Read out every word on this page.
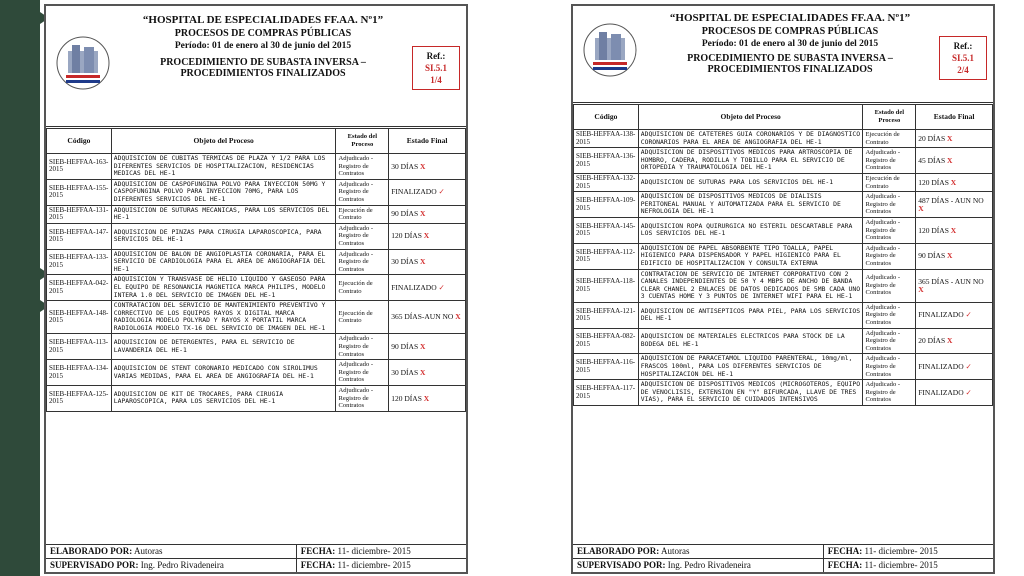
“HOSPITAL DE ESPECIALIDADES FF.AA. Nº1”
PROCESOS DE COMPRAS PÚBLICAS
Período: 01 de enero al 30 de junio del 2015
PROCEDIMIENTO DE SUBASTA INVERSA – PROCEDIMIENTOS FINALIZADOS
Ref.:
SI.5.1
1/4
Código	Objeto del Proceso	Estado del Proceso	Estado Final
SIEB-HEFFAA-163-2015	ADQUISICION DE CUBITAS TERMICAS DE PLAZA Y 1/2 PARA LOS DIFERENTES SERVICIOS DE HOSPITALIZACION, RESIDENCIAS MEDICAS DEL HE-1	Adjudicado - Registro de Contratos	30 DÍAS X
SIEB-HEFFAA-155-2015	ADQUISICION DE CASPOFUNGINA POLVO PARA INYECCION 50MG Y CASPOFUNGINA POLVO PARA INYECCION 70MG, PARA LOS DIFERENTES SERVICIOS DEL HE-1	Adjudicado - Registro de Contratos	FINALIZADO ✓
SIEB-HEFFAA-131-2015	ADQUISICION DE SUTURAS MECANICAS, PARA LOS SERVICIOS DEL HE-1	Ejecución de Contrato	90 DÍAS X
SIEB-HEFFAA-147-2015	ADQUISICION DE PINZAS PARA CIRUGIA LAPAROSCOPICA, PARA SERVICIOS DEL HE-1	Adjudicado - Registro de Contratos	120 DÍAS X
SIEB-HEFFAA-133-2015	ADQUISICION DE BALON DE ANGIOPLASTIA CORONARIA, PARA EL SERVICIO DE CARDIOLOGIA PARA EL AREA DE ANGIOGRAFIA DEL HE-1	Adjudicado - Registro de Contratos	30 DÍAS X
SIEB-HEFFAA-042-2015	ADQUISICION Y TRANSVASE DE HELIO LIQUIDO Y GASEOSO PARA EL EQUIPO DE RESONANCIA MAGNETICA MARCA PHILIPS, MODELO INTERA 1.0 DEL SERVICIO DE IMAGEN DEL HE-1	Ejecución de Contrato	FINALIZADO ✓
SIEB-HEFFAA-148-2015	CONTRATACION DEL SERVICIO DE MANTENIMIENTO PREVENTIVO Y CORRECTIVO DE LOS EQUIPOS RAYOS X DIGITAL MARCA RADIOLOGIA MODELO POLYRAD Y RAYOS X PORTATIL MARCA RADIOLOGIA MODELO TX-16 DEL SERVICIO DE IMAGEN DEL HE-1	Ejecución de Contrato	365 DÍAS-AUN NO X
SIEB-HEFFAA-113-2015	ADQUISICION DE DETERGENTES, PARA EL SERVICIO DE LAVANDERIA DEL HE-1	Adjudicado - Registro de Contratos	90 DÍAS X
SIEB-HEFFAA-134-2015	ADQUISICION DE STENT CORONARIO MEDICADO CON SIROLIMUS VARIAS MEDIDAS, PARA EL AREA DE ANGIOGRAFIA DEL HE-1	Adjudicado - Registro de Contratos	30 DÍAS X
SIEB-HEFFAA-125-2015	ADQUISICION DE KIT DE TROCARES, PARA CIRUGIA LAPAROSCOPICA, PARA LOS SERVICIOS DEL HE-1	Adjudicado - Registro de Contratos	120 DÍAS X
ELABORADO POR: Autoras	FECHA: 11- diciembre- 2015
SUPERVISADO POR: Ing. Pedro Rivadeneira	FECHA: 11- diciembre- 2015
“HOSPITAL DE ESPECIALIDADES FF.AA. Nº1”
PROCESOS DE COMPRAS PÚBLICAS
Período: 01 de enero al 30 de junio del 2015
PROCEDIMIENTO DE SUBASTA INVERSA – PROCEDIMIENTOS FINALIZADOS
Ref.:
SI.5.1
2/4
Código	Objeto del Proceso	Estado del Proceso	Estado Final
SIEB-HEFFAA-138-2015	ADQUISICION DE CATETERES GUIA CORONARIOS Y DE DIAGNOSTICO CORONARIOS PARA EL AREA DE ANGIOGRAFIA DEL HE-1	Ejecución de Contrato	20 DÍAS X
SIEB-HEFFAA-136-2015	ADQUISICION DE DISPOSITIVOS MEDICOS PARA ARTROSCOPIA DE HOMBRO, CADERA, RODILLA Y TOBILLO PARA EL SERVICIO DE ORTOPEDIA Y TRAUMATOLOGIA DEL HE-1	Adjudicado - Registro de Contratos	45 DÍAS X
SIEB-HEFFAA-132-2015	ADQUISICION DE SUTURAS PARA LOS SERVICIOS DEL HE-1	Ejecución de Contrato	120 DÍAS X
SIEB-HEFFAA-109-2015	ADQUISICION DE DISPOSITIVOS MEDICOS DE DIALISIS PERITONEAL MANUAL Y AUTOMATIZADA PARA EL SERVICIO DE NEFROLOGIA DEL HE-1	Adjudicado - Registro de Contratos	487 DÍAS - AUN NO X
SIEB-HEFFAA-145-2015	ADQUISICION ROPA QUIRURGICA NO ESTERIL DESCARTABLE PARA LOS SERVICIOS DEL HE-1	Adjudicado - Registro de Contratos	120 DÍAS X
SIEB-HEFFAA-112-2015	ADQUISICION DE PAPEL ABSORBENTE TIPO TOALLA, PAPEL HIGIENICO PARA DISPENSADOR Y PAPEL HIGIENICO PARA EL EDIFICIO DE HOSPITALIZACION Y CONSULTA EXTERNA	Adjudicado - Registro de Contratos	90 DÍAS X
SIEB-HEFFAA-118-2015	CONTRATACION DE SERVICIO DE INTERNET CORPORATIVO CON 2 CANALES INDEPENDIENTES DE 50 Y 4 MBPS DE ANCHO DE BANDA CLEAR CHANEL 2 ENLACES DE DATOS DEDICADOS DE 5MB CADA UNO 3 CUENTAS HOME Y 3 PUNTOS DE INTERNET WIFI PARA EL HE-1	Adjudicado - Registro de Contratos	365 DÍAS - AUN NO X
SIEB-HEFFAA-121-2015	ADQUISICION DE ANTISEPTICOS PARA PIEL, PARA LOS SERVICIOS DEL HE-1	Adjudicado - Registro de Contratos	FINALIZADO ✓
SIEB-HEFFAA-082-2015	ADQUISICION DE MATERIALES ELECTRICOS PARA STOCK DE LA BODEGA DEL HE-1	Adjudicado - Registro de Contratos	20 DÍAS X
SIEB-HEFFAA-116-2015	ADQUISICION DE PARACETAMOL LIQUIDO PARENTERAL, 10mg/ml, FRASCOS 100ml, PARA LOS DIFERENTES SERVICIOS DE HOSPITALIZACION DEL HE-1	Adjudicado - Registro de Contratos	FINALIZADO ✓
SIEB-HEFFAA-117-2015	ADQUISICION DE DISPOSITIVOS MEDICOS (MICROGOTEROS, EQUIPO DE VENOCLISIS, EXTENSION EN "Y" BIFURCADA, LLAVE DE TRES VIAS), PARA EL SERVICIO DE CUIDADOS INTENSIVOS	Adjudicado - Registro de Contratos	FINALIZADO ✓
ELABORADO POR: Autoras	FECHA: 11- diciembre- 2015
SUPERVISADO POR: Ing. Pedro Rivadeneira	FECHA: 11- diciembre- 2015
